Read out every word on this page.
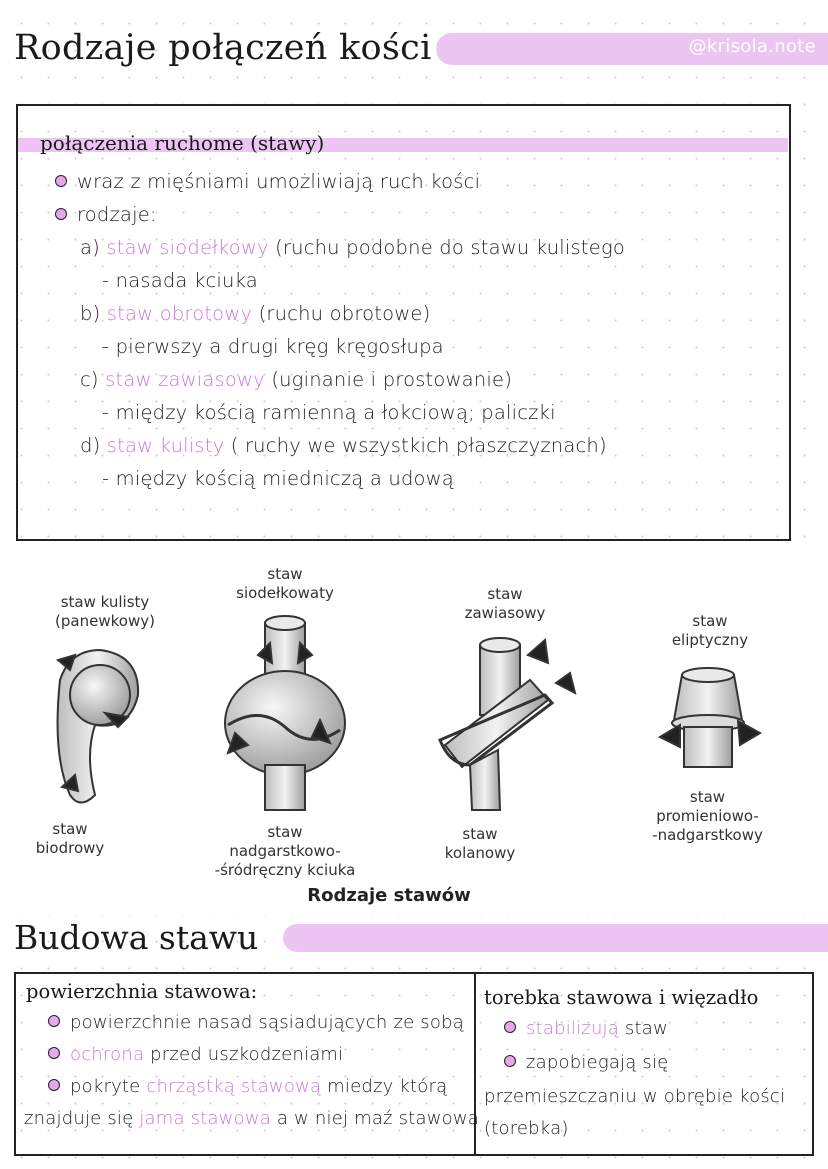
Rodzaje połączeń kości	@krisola.note
połączenia ruchome (stawy)
wraz z mięśniami umożliwiają ruch kości
rodzaje:
a) staw siodełkowy (ruchu podobne do stawu kulistego
- nasada kciuka
b) staw obrotowy (ruchu obrotowe)
- pierwszy a drugi kręg kręgosłupa
c) staw zawiasowy (uginanie i prostowanie)
- między kością ramienną a łokciową; paliczki
d) staw kulisty ( ruchy we wszystkich płaszczyznach)
- między kością miedniczą a udową
staw kulisty
(panewkowy)
staw
siodełkowaty	staw
zawiasowy	staw
eliptyczny
staw
biodrowy
staw
nadgarstkowo-
-śródręczny kciuka
staw
kolanowy
staw
promieniowo-
-nadgarstkowy
Rodzaje stawów
Budowa stawu
powierzchnia stawowa:
powierzchnie nasad sąsiadujących ze sobą
ochrona przed uszkodzeniami
pokryte chrząstką stawową miedzy którą
znajduje się jama stawowa a w niej maź stawowa
torebka stawowa i więzadło
stabilizują staw
zapobiegają się
przemieszczaniu w obrębie kości
(torebka)
